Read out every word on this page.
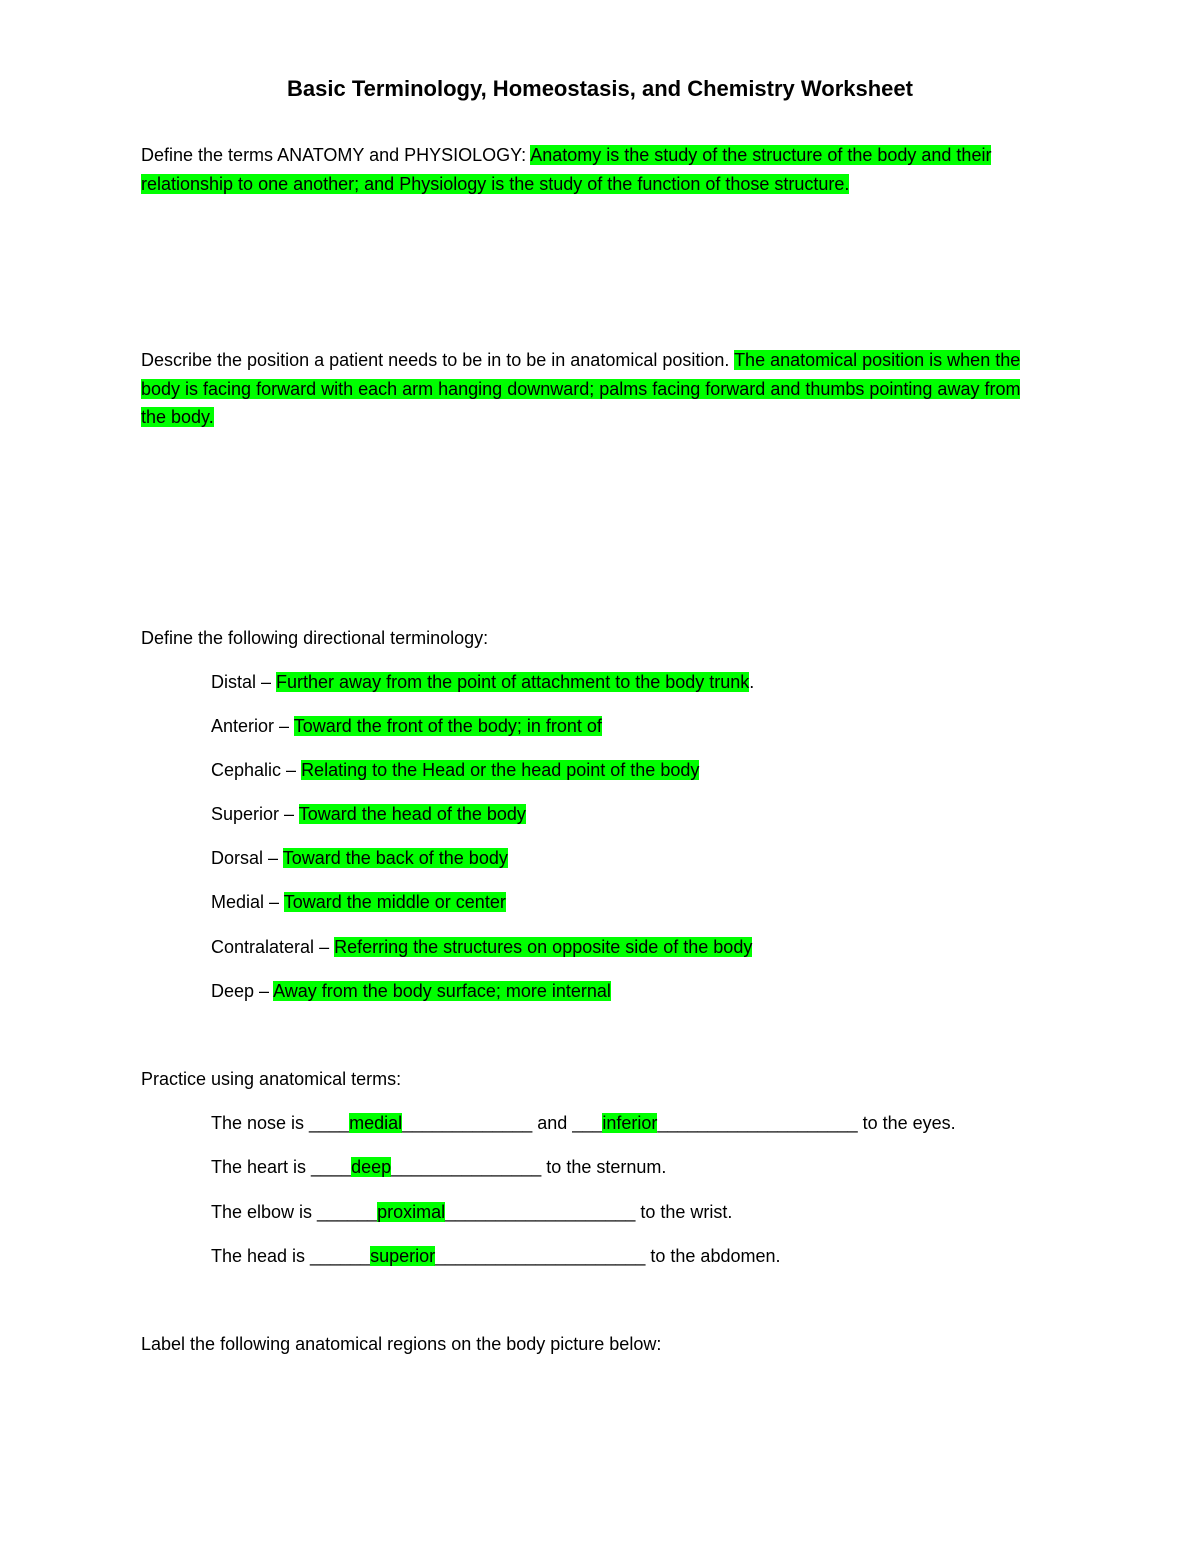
Basic Terminology, Homeostasis, and Chemistry Worksheet
Define the terms ANATOMY and PHYSIOLOGY: Anatomy is the study of the structure of the body and their relationship to one another; and Physiology is the study of the function of those structure.
Describe the position a patient needs to be in to be in anatomical position. The anatomical position is when the body is facing forward with each arm hanging downward; palms facing forward and thumbs pointing away from the body.
Define the following directional terminology:
Distal – Further away from the point of attachment to the body trunk.
Anterior – Toward the front of the body; in front of
Cephalic – Relating to the Head or the head point of the body
Superior – Toward the head of the body
Dorsal – Toward the back of the body
Medial – Toward the middle or center
Contralateral – Referring the structures on opposite side of the body
Deep – Away from the body surface; more internal
Practice using anatomical terms:
The nose is ____medial_____________ and ___inferior____________________ to the eyes.
The heart is ____deep_______________ to the sternum.
The elbow is ______proximal___________________ to the wrist.
The head is ______superior_____________________ to the abdomen.
Label the following anatomical regions on the body picture below:
